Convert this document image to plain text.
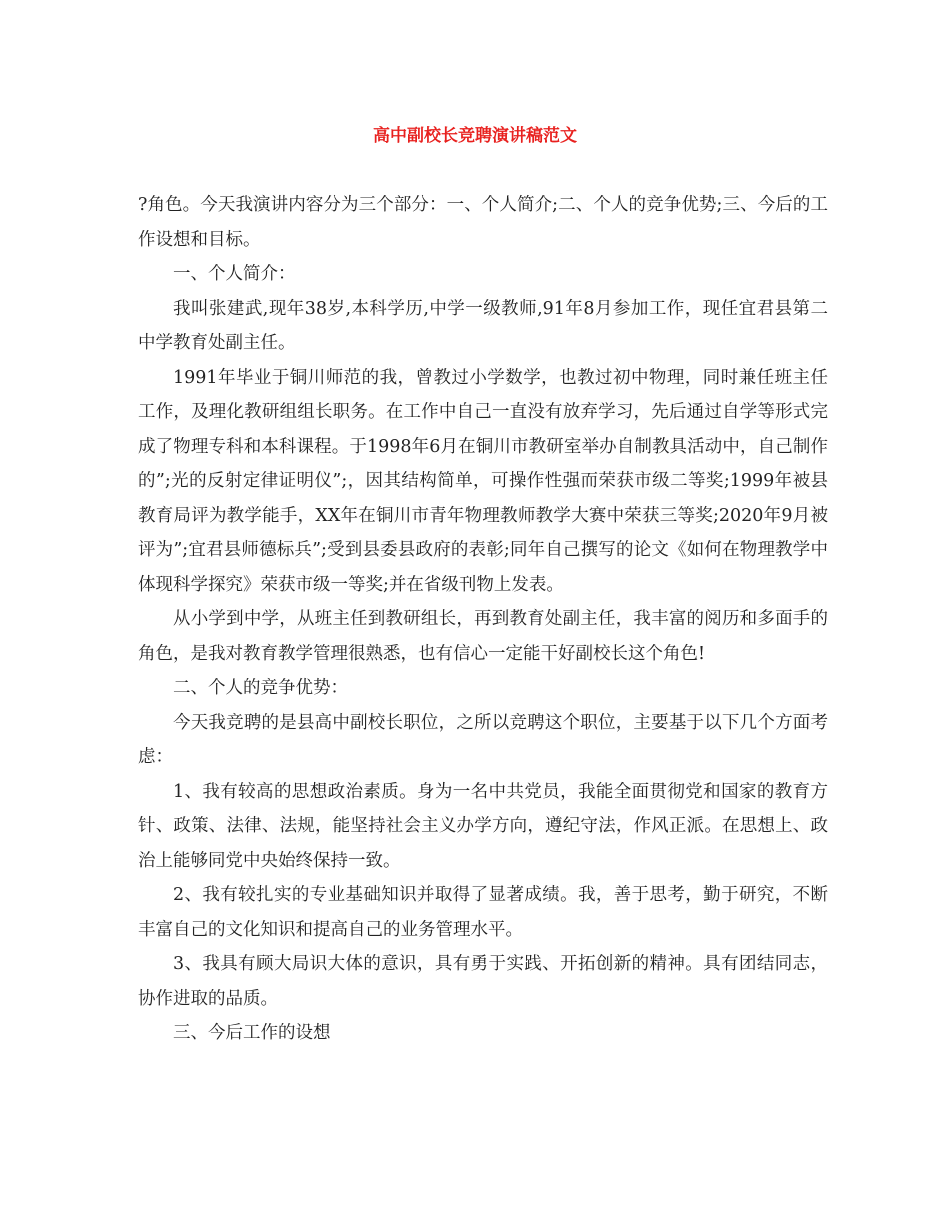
高中副校长竞聘演讲稿范文

?角色。今天我演讲内容分为三个部分：一、个人简介;二、个人的竞争优势;三、今后的工作设想和目标。

一、个人简介：

我叫张建武,现年38岁,本科学历,中学一级教师,91年8月参加工作，现任宜君县第二中学教育处副主任。

1991年毕业于铜川师范的我，曾教过小学数学，也教过初中物理，同时兼任班主任工作，及理化教研组组长职务。在工作中自己一直没有放弃学习，先后通过自学等形式完成了物理专科和本科课程。于1998年6月在铜川市教研室举办自制教具活动中，自己制作的”;光的反射定律证明仪”;，因其结构简单，可操作性强而荣获市级二等奖;1999年被县教育局评为教学能手，XX年在铜川市青年物理教师教学大赛中荣获三等奖;2020年9月被评为”;宜君县师德标兵”;受到县委县政府的表彰;同年自己撰写的论文《如何在物理教学中体现科学探究》荣获市级一等奖;并在省级刊物上发表。

从小学到中学，从班主任到教研组长，再到教育处副主任，我丰富的阅历和多面手的角色，是我对教育教学管理很熟悉，也有信心一定能干好副校长这个角色!

二、个人的竞争优势：

今天我竞聘的是县高中副校长职位，之所以竞聘这个职位，主要基于以下几个方面考虑：

1、我有较高的思想政治素质。身为一名中共党员，我能全面贯彻党和国家的教育方针、政策、法律、法规，能坚持社会主义办学方向，遵纪守法，作风正派。在思想上、政治上能够同党中央始终保持一致。

2、我有较扎实的专业基础知识并取得了显著成绩。我，善于思考，勤于研究，不断丰富自己的文化知识和提高自己的业务管理水平。

3、我具有顾大局识大体的意识，具有勇于实践、开拓创新的精神。具有团结同志，协作进取的品质。

三、今后工作的设想
